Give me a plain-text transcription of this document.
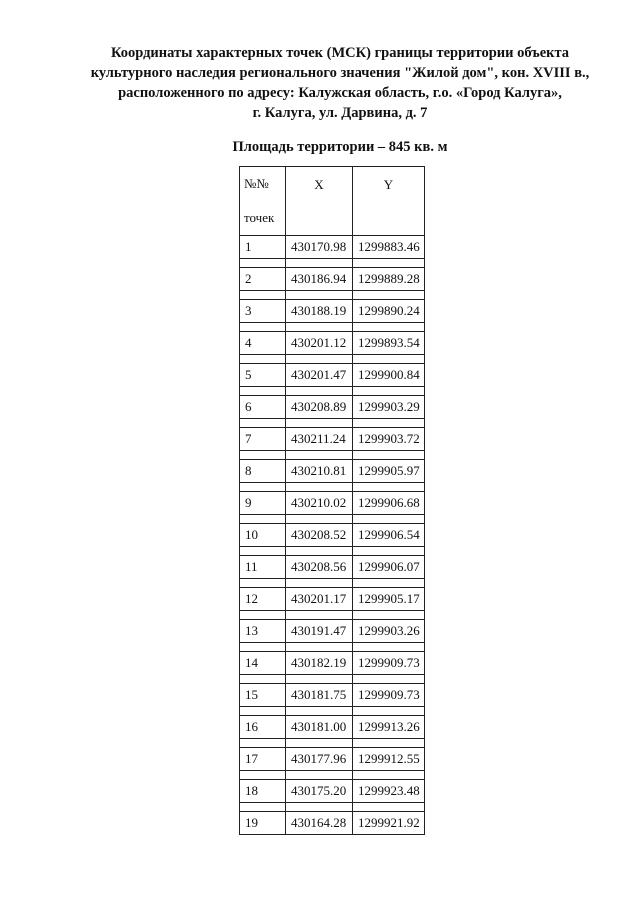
Координаты характерных точек (МСК) границы территории объекта
культурного наследия регионального значения "Жилой дом", кон. XVIII в.,
расположенного по адресу: Калужская область, г.о. «Город Калуга»,
г. Калуга, ул. Дарвина, д. 7
Площадь территории – 845 кв. м
№№
точек	X	Y

1	430170.98	1299883.46

2	430186.94	1299889.28

3	430188.19	1299890.24

4	430201.12	1299893.54

5	430201.47	1299900.84

6	430208.89	1299903.29

7	430211.24	1299903.72

8	430210.81	1299905.97

9	430210.02	1299906.68

10	430208.52	1299906.54

11	430208.56	1299906.07

12	430201.17	1299905.17

13	430191.47	1299903.26

14	430182.19	1299909.73

15	430181.75	1299909.73

16	430181.00	1299913.26

17	430177.96	1299912.55

18	430175.20	1299923.48

19	430164.28	1299921.92
